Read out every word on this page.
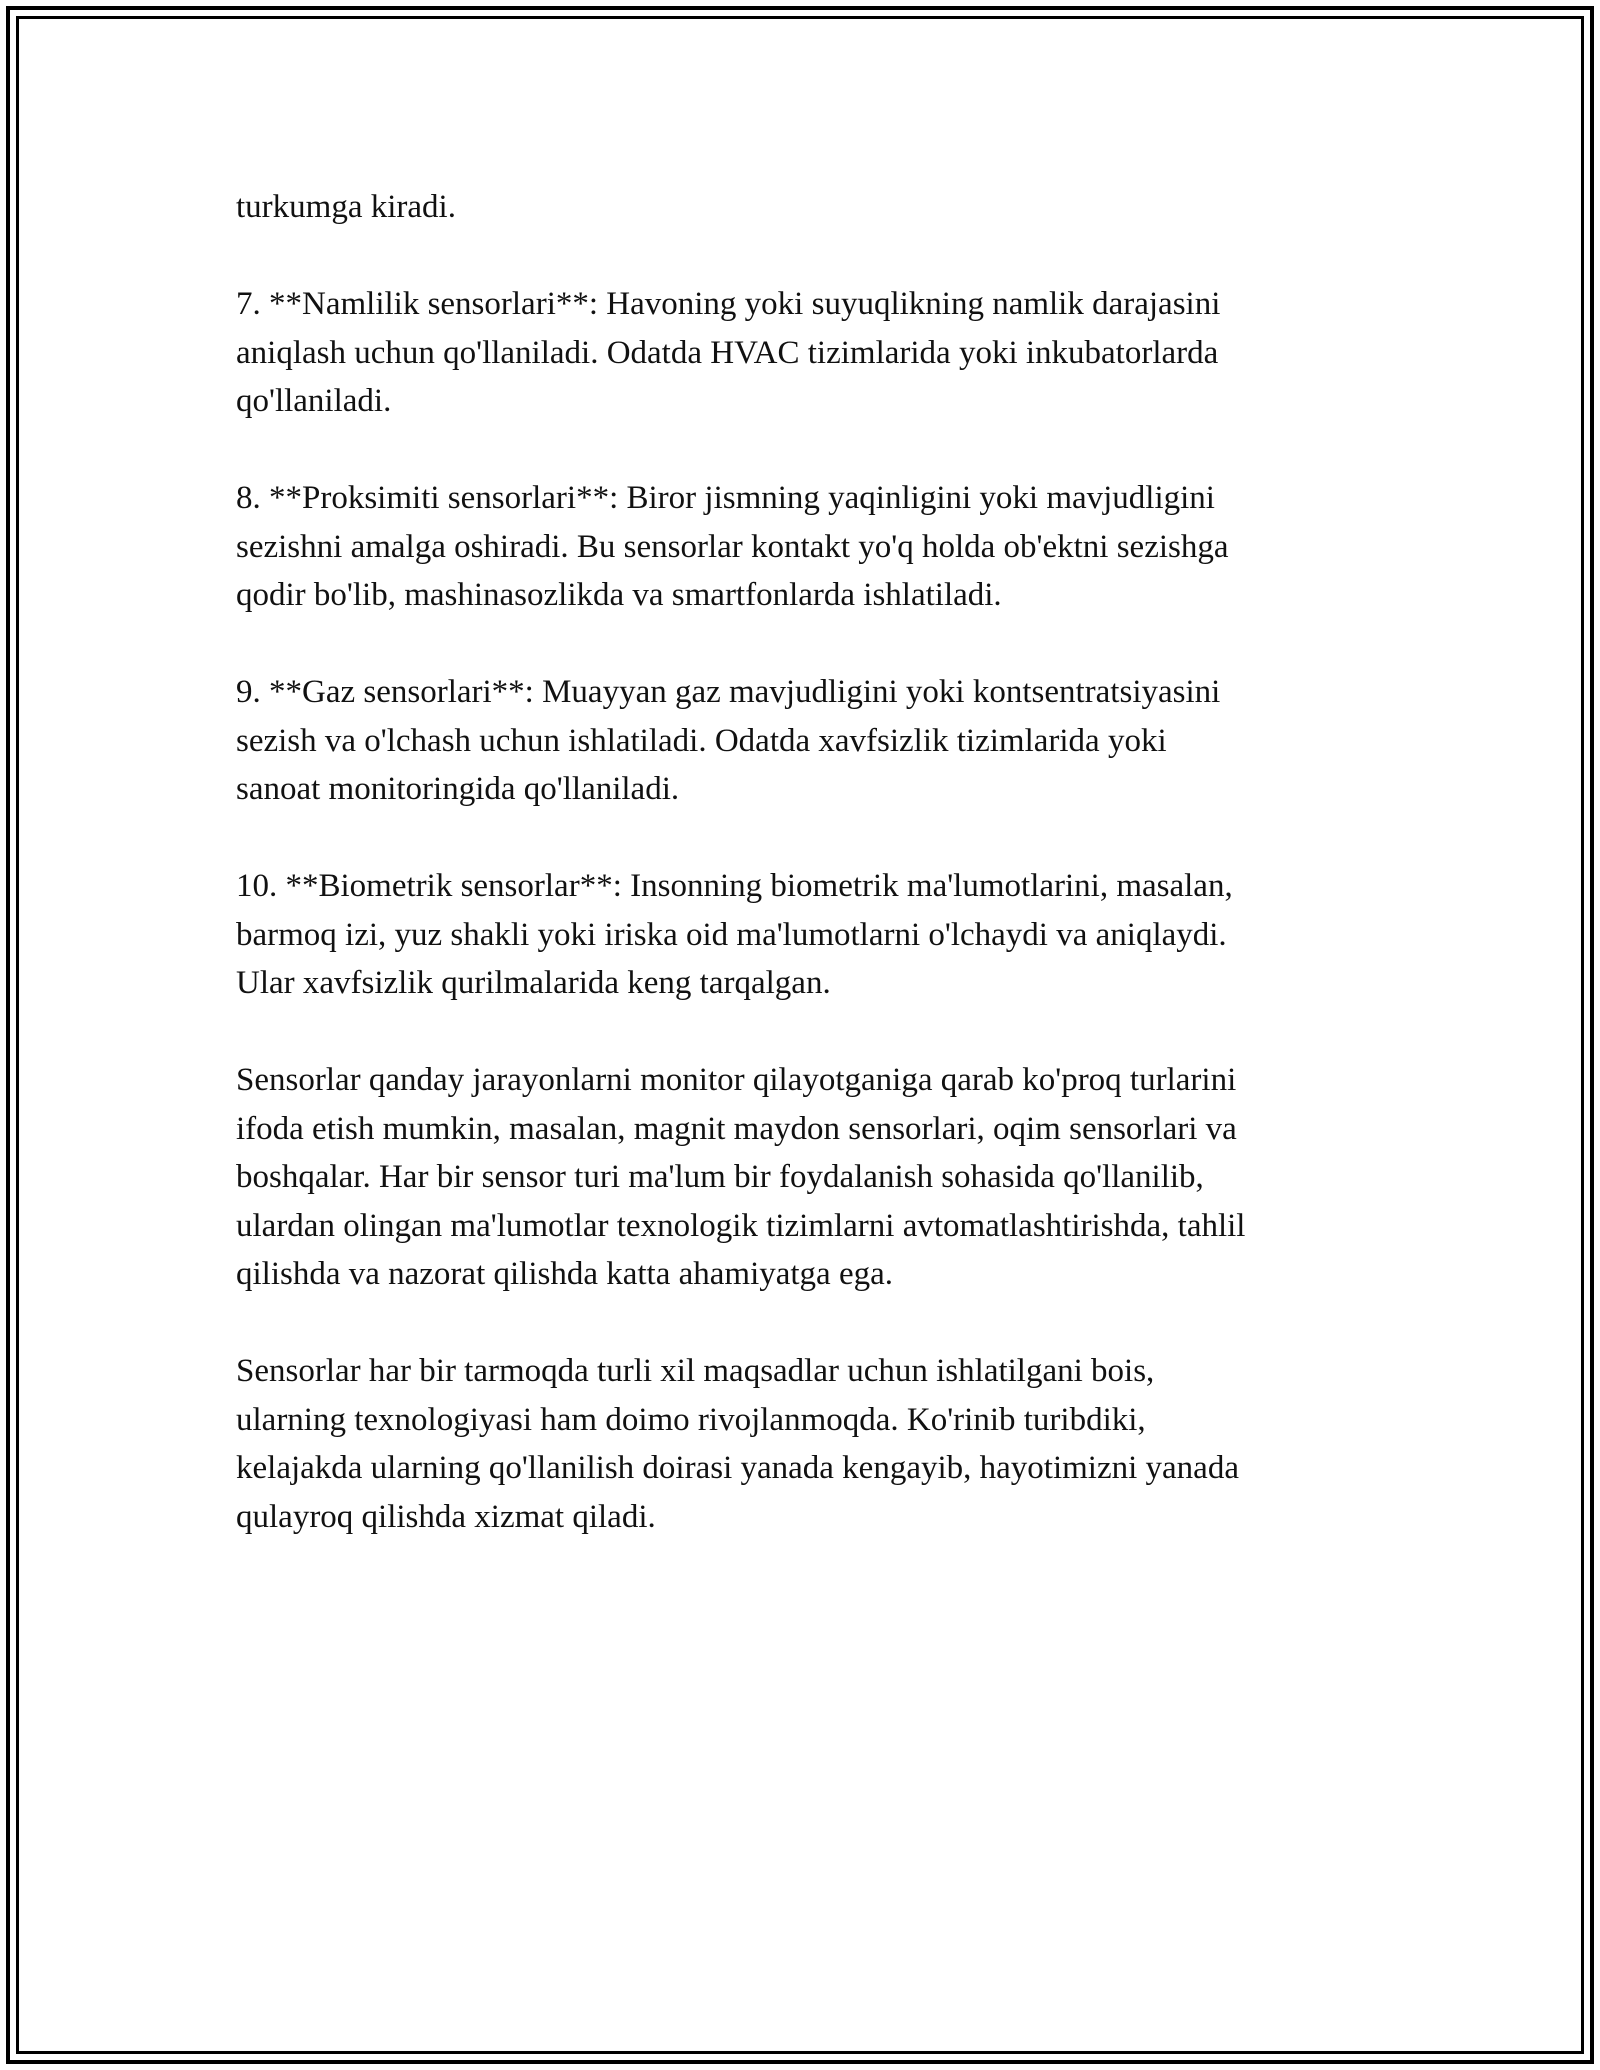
turkumga kiradi.

7. **Namlilik sensorlari**: Havoning yoki suyuqlikning namlik darajasini
aniqlash uchun qo'llaniladi. Odatda HVAC tizimlarida yoki inkubatorlarda
qo'llaniladi.

8. **Proksimiti sensorlari**: Biror jismning yaqinligini yoki mavjudligini
sezishni amalga oshiradi. Bu sensorlar kontakt yo'q holda ob'ektni sezishga
qodir bo'lib, mashinasozlikda va smartfonlarda ishlatiladi.

9. **Gaz sensorlari**: Muayyan gaz mavjudligini yoki kontsentratsiyasini
sezish va o'lchash uchun ishlatiladi. Odatda xavfsizlik tizimlarida yoki
sanoat monitoringida qo'llaniladi.

10. **Biometrik sensorlar**: Insonning biometrik ma'lumotlarini, masalan,
barmoq izi, yuz shakli yoki iriska oid ma'lumotlarni o'lchaydi va aniqlaydi.
Ular xavfsizlik qurilmalarida keng tarqalgan.

Sensorlar qanday jarayonlarni monitor qilayotganiga qarab ko'proq turlarini
ifoda etish mumkin, masalan, magnit maydon sensorlari, oqim sensorlari va
boshqalar. Har bir sensor turi ma'lum bir foydalanish sohasida qo'llanilib,
ulardan olingan ma'lumotlar texnologik tizimlarni avtomatlashtirishda, tahlil
qilishda va nazorat qilishda katta ahamiyatga ega.

Sensorlar har bir tarmoqda turli xil maqsadlar uchun ishlatilgani bois,
ularning texnologiyasi ham doimo rivojlanmoqda. Ko'rinib turibdiki,
kelajakda ularning qo'llanilish doirasi yanada kengayib, hayotimizni yanada
qulayroq qilishda xizmat qiladi.
